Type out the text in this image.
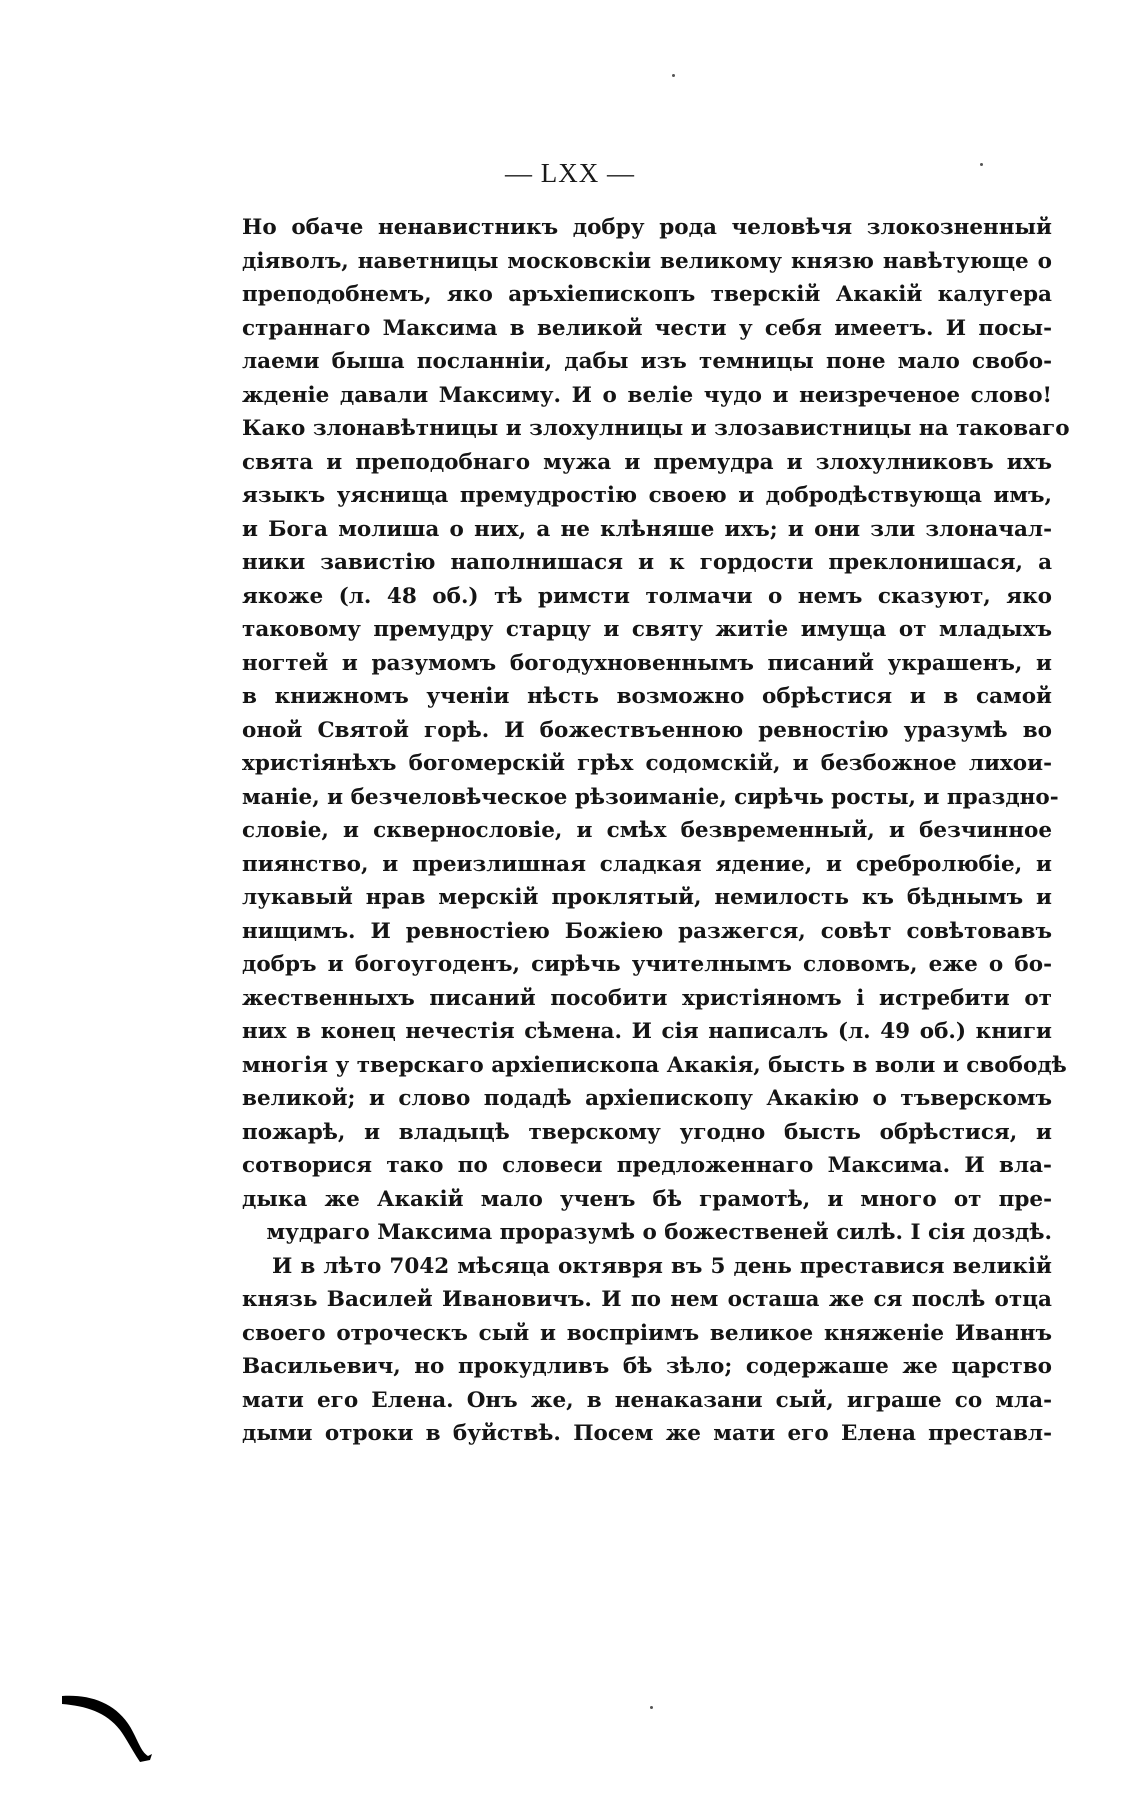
— LXX —
Но обаче ненавистникъ добру рода человѣчя злокозненный
дiяволъ, наветницы московскiи великому князю навѣтующе о
преподобнемъ, яко аръхiепископъ тверскiй Акакiй калугера
страннаго Максима в великой чести у себя имеетъ. И посы-
лаеми быша посланнiи, дабы изъ темницы поне мало свобо-
жденiе давали Максиму. И о велiе чудо и неизреченое слово!
Како злонавѣтницы и злохулницы и злозавистницы на таковаго
свята и преподобнаго мужа и премудра и злохулниковъ ихъ
языкъ уяснища премудростiю своею и добродѣствующа имъ,
и Бога молиша о них, а не клѣняше ихъ; и они зли злоначал-
ники завистiю наполнишася и к гордости преклонишася, а
якоже (л. 48 об.) тѣ римсти толмачи о немъ сказуют, яко
таковому премудру старцу и святу житiе имуща от младыхъ
ногтей и разумомъ богодухновеннымъ писаний украшенъ, и
в книжномъ ученiи нѣсть возможно обрѣстися и в самой
оной Святой горѣ. И божествъенною ревностiю уразумѣ во
христiянѣхъ богомерскiй грѣх содомскiй, и безбожное лихои-
манiе, и безчеловѣческое рѣзоиманiе, сирѣчь росты, и праздно-
словiе, и сквернословiе, и смѣх безвременный, и безчинное
пиянство, и преизлишная сладкая ядение, и сребролюбiе, и
лукавый нрав мерскiй проклятый, немилость къ бѣднымъ и
нищимъ. И ревностiею Божiею разжегся, совѣт совѣтовавъ
добръ и богоугоденъ, сирѣчь учителнымъ словомъ, еже о бо-
жественныхъ писаний пособити христiяномъ i истребити от
них в конец нечестiя сѣмена. И сiя написалъ (л. 49 об.) книги
многiя у тверскаго архiепископа Акакiя, бысть в воли и свободѣ
великой; и слово подадѣ архiепископу Акакiю о тъверскомъ
пожарѣ, и владыцѣ тверскому угодно бысть обрѣстися, и
сотворися тако по словеси предложеннаго Максима. И вла-
дыка же Акакiй мало ученъ бѣ грамотѣ, и много от пре-
мудраго Максима проразумѣ о божественей силѣ. I сiя доздѣ.
И в лѣто 7042 мѣсяца октявря въ 5 день преставися великiй
князь Василей Ивановичъ. И по нем осташа же ся послѣ отца
своего отроческъ сый и воспрiимъ великое княженiе Иваннъ
Васильевич, но прокудливъ бѣ зѣло; содержаше же царство
мати его Елена. Онъ же, в ненаказани сый, играше со мла-
дыми отроки в буйствѣ. Посем же мати его Елена преставл-
